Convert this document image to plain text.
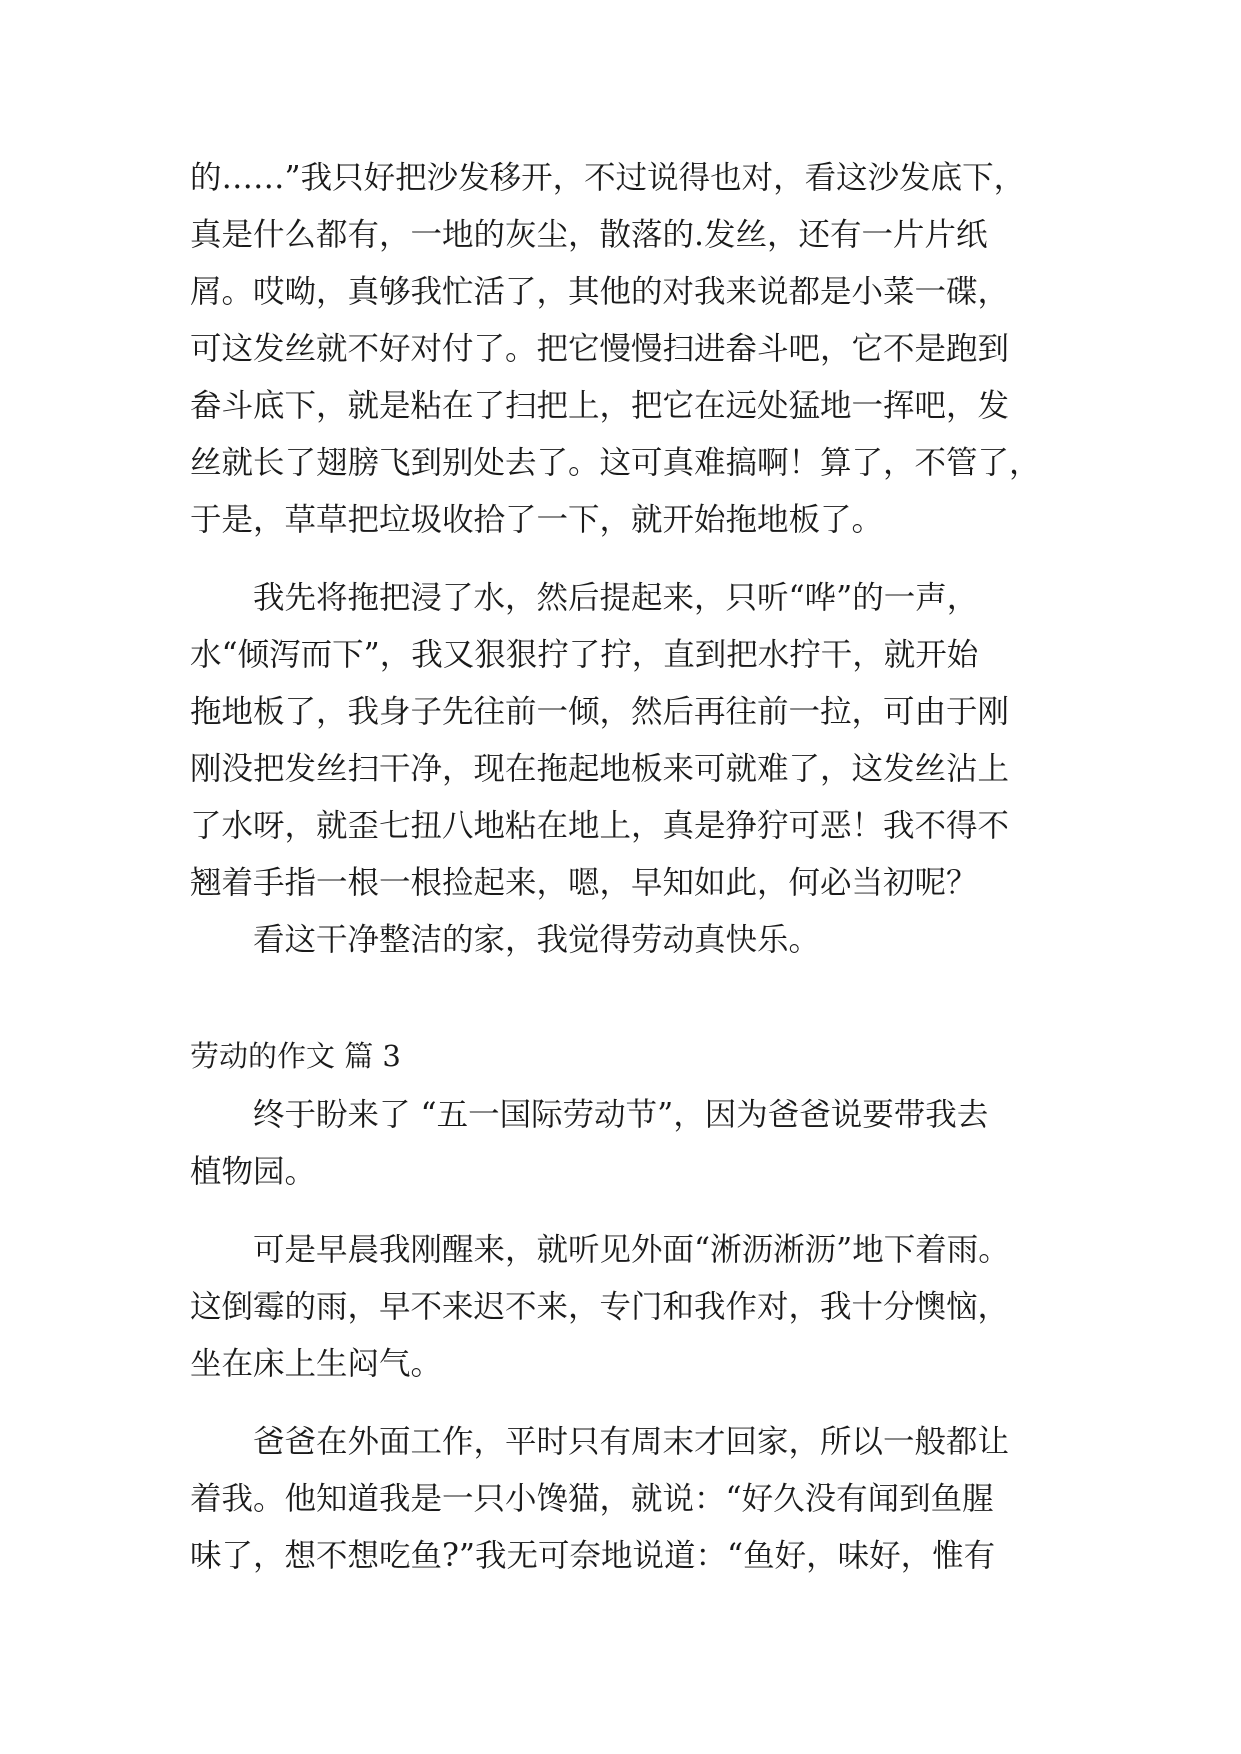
的……”我只好把沙发移开，不过说得也对，看这沙发底下，
真是什么都有，一地的灰尘，散落的.发丝，还有一片片纸
屑。哎呦，真够我忙活了，其他的对我来说都是小菜一碟，
可这发丝就不好对付了。把它慢慢扫进畚斗吧，它不是跑到
畚斗底下，就是粘在了扫把上，把它在远处猛地一挥吧，发
丝就长了翅膀飞到别处去了。这可真难搞啊！算了，不管了，
于是，草草把垃圾收拾了一下，就开始拖地板了。
　　我先将拖把浸了水，然后提起来，只听“哗”的一声，
水“倾泻而下”，我又狠狠拧了拧，直到把水拧干，就开始
拖地板了，我身子先往前一倾，然后再往前一拉，可由于刚
刚没把发丝扫干净，现在拖起地板来可就难了，这发丝沾上
了水呀，就歪七扭八地粘在地上，真是狰狞可恶！我不得不
翘着手指一根一根捡起来，嗯，早知如此，何必当初呢？
　　看这干净整洁的家，我觉得劳动真快乐。
劳动的作文 篇 3
　　终于盼来了 “五一国际劳动节”，因为爸爸说要带我去
植物园。
　　可是早晨我刚醒来，就听见外面“淅沥淅沥”地下着雨。
这倒霉的雨，早不来迟不来，专门和我作对，我十分懊恼，
坐在床上生闷气。
　　爸爸在外面工作，平时只有周末才回家，所以一般都让
着我。他知道我是一只小馋猫，就说：“好久没有闻到鱼腥
味了，想不想吃鱼?”我无可奈地说道：“鱼好，味好，惟有
